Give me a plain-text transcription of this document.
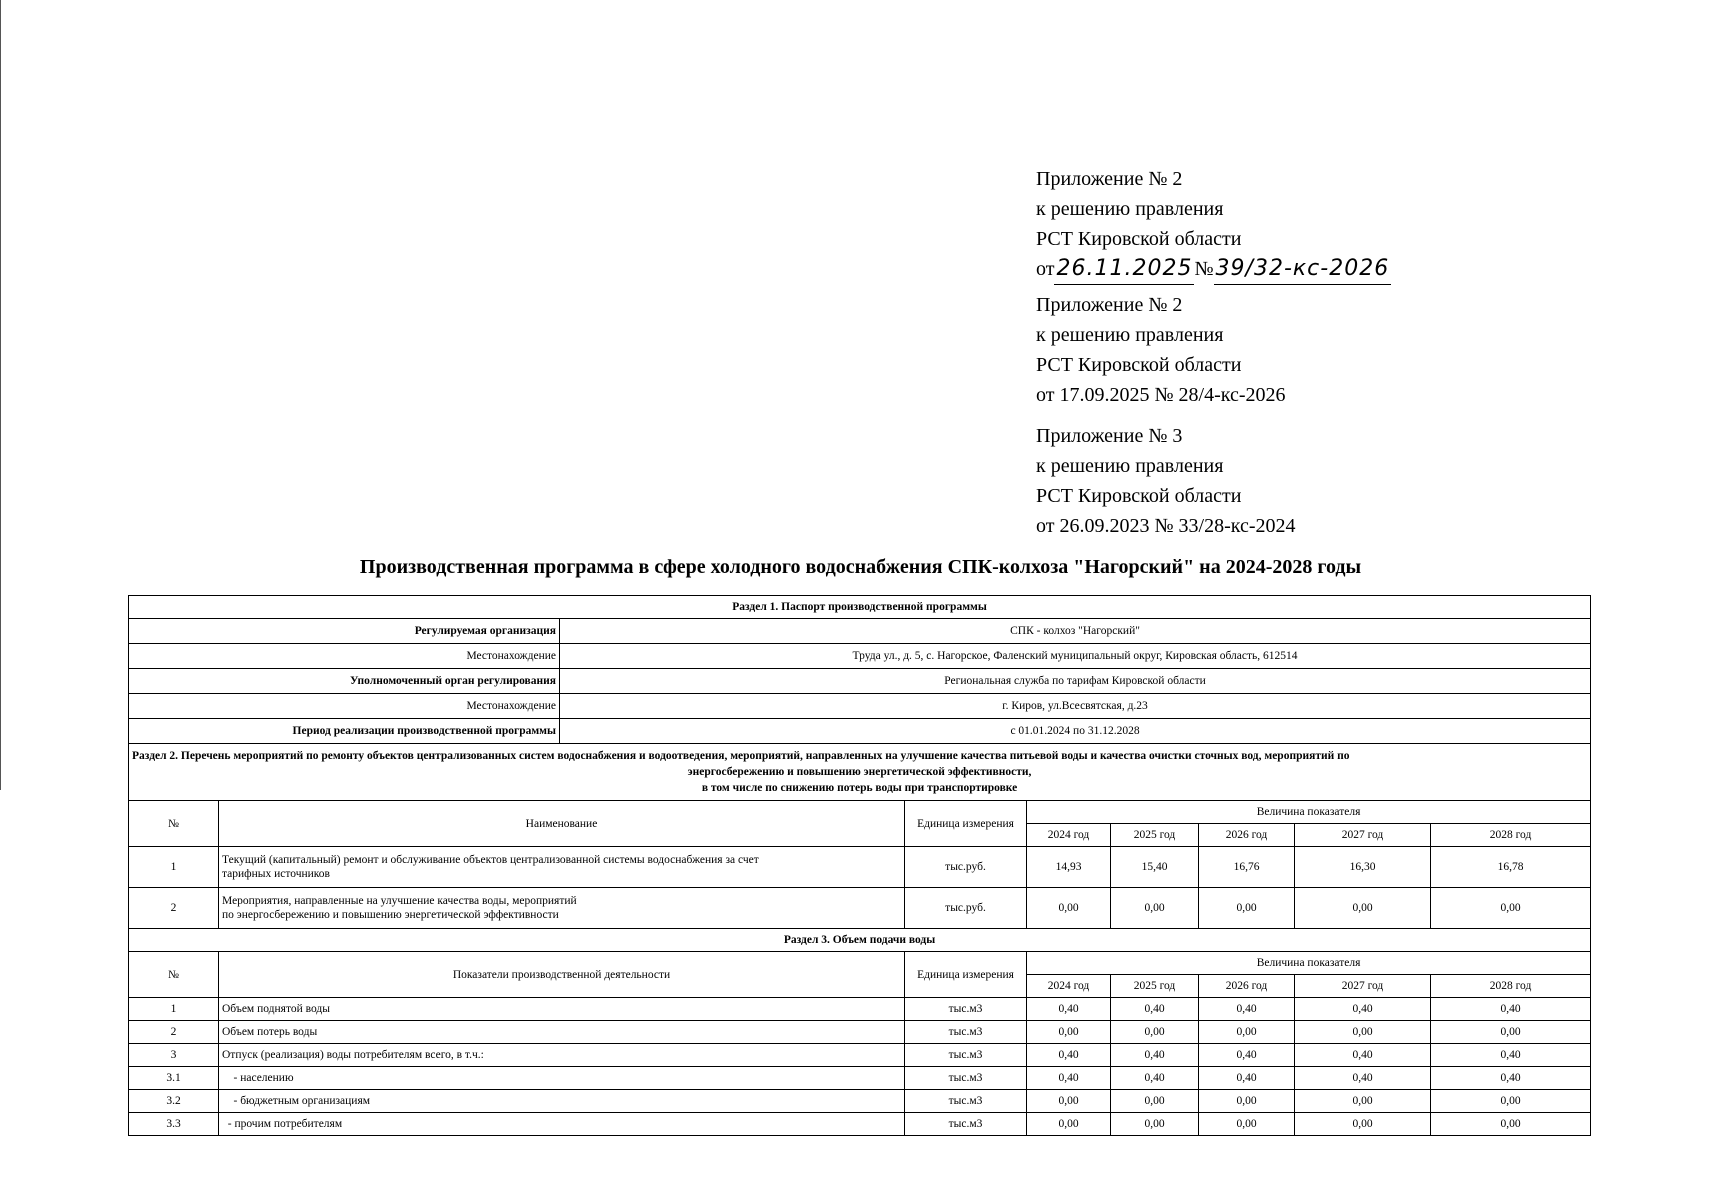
Приложение № 2
к решению правления
РСТ Кировской области
от26.11.2025 №39/32-кс-2026
Приложение № 2
к решению правления
РСТ Кировской области
от 17.09.2025 № 28/4-кс-2026
Приложение № 3
к решению правления
РСТ Кировской области
от 26.09.2023 № 33/28-кс-2024
Производственная программа в сфере холодного водоснабжения СПК-колхоза "Нагорский" на 2024-2028 годы
Раздел 1. Паспорт производственной программы								
Регулируемая организация		СПК - колхоз "Нагорский"						
Местонахождение		Труда ул., д. 5, с. Нагорское, Фаленский муниципальный округ, Кировская область, 612514						
Уполномоченный орган регулирования		Региональная служба по тарифам Кировской области						
Местонахождение		г. Киров, ул.Всесвятская, д.23						
Период реализации производственной программы		с 01.01.2024 по 31.12.2028						

Раздел 2. Перечень мероприятий по ремонту объектов централизованных систем водоснабжения и водоотведения, мероприятий, направленных на улучшение качества питьевой воды и качества очистки сточных вод, мероприятий по
энергосбережению и повышению энергетической эффективности,
в том числе по снижению потерь воды при транспортировке								

№	Наименование		Единица измерения	Величина показателя				
				2024 год	2025 год	2026 год	2027 год	2028 год
1	Текущий (капитальный) ремонт и обслуживание объектов централизованной системы водоснабжения за счет
тарифных источников		тыс.руб.	14,93	15,40	16,76	16,30	16,78
2	Мероприятия, направленные на улучшение качества воды, мероприятий
по энергосбережению и повышению энергетической эффективности		тыс.руб.	0,00	0,00	0,00	0,00	0,00
Раздел 3. Объем подачи воды								
№	Показатели производственной деятельности		Единица измерения	Величина показателя				
				2024 год	2025 год	2026 год	2027 год	2028 год
1	Объем поднятой воды		тыс.м3	0,40	0,40	0,40	0,40	0,40
2	Объем потерь воды		тыс.м3	0,00	0,00	0,00	0,00	0,00
3	Отпуск (реализация) воды потребителям всего, в т.ч.:		тыс.м3	0,40	0,40	0,40	0,40	0,40
3.1	- населению		тыс.м3	0,40	0,40	0,40	0,40	0,40
3.2	- бюджетным организациям		тыс.м3	0,00	0,00	0,00	0,00	0,00
3.3	- прочим потребителям		тыс.м3	0,00	0,00	0,00	0,00	0,00
